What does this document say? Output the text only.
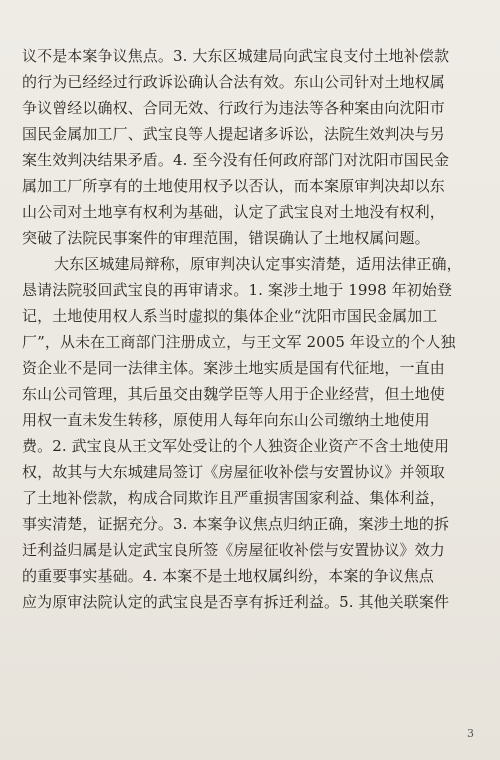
议不是本案争议焦点。3. 大东区城建局向武宝良支付土地补偿款
的行为已经经过行政诉讼确认合法有效。东山公司针对土地权属
争议曾经以确权、合同无效、行政行为违法等各种案由向沈阳市
国民金属加工厂、武宝良等人提起诸多诉讼，法院生效判决与另
案生效判决结果矛盾。4. 至今没有任何政府部门对沈阳市国民金
属加工厂所享有的土地使用权予以否认，而本案原审判决却以东
山公司对土地享有权利为基础，认定了武宝良对土地没有权利，
突破了法院民事案件的审理范围，错误确认了土地权属问题。
大东区城建局辩称，原审判决认定事实清楚，适用法律正确，
恳请法院驳回武宝良的再审请求。1. 案涉土地于 1998 年初始登
记，土地使用权人系当时虚拟的集体企业“沈阳市国民金属加工
厂”，从未在工商部门注册成立，与王文军 2005 年设立的个人独
资企业不是同一法律主体。案涉土地实质是国有代征地，一直由
东山公司管理，其后虽交由魏学臣等人用于企业经营，但土地使
用权一直未发生转移，原使用人每年向东山公司缴纳土地使用
费。2. 武宝良从王文军处受让的个人独资企业资产不含土地使用
权，故其与大东城建局签订《房屋征收补偿与安置协议》并领取
了土地补偿款，构成合同欺诈且严重损害国家利益、集体利益，
事实清楚，证据充分。3. 本案争议焦点归纳正确，案涉土地的拆
迁利益归属是认定武宝良所签《房屋征收补偿与安置协议》效力
的重要事实基础。4. 本案不是土地权属纠纷，本案的争议焦点
应为原审法院认定的武宝良是否享有拆迁利益。5. 其他关联案件
3
